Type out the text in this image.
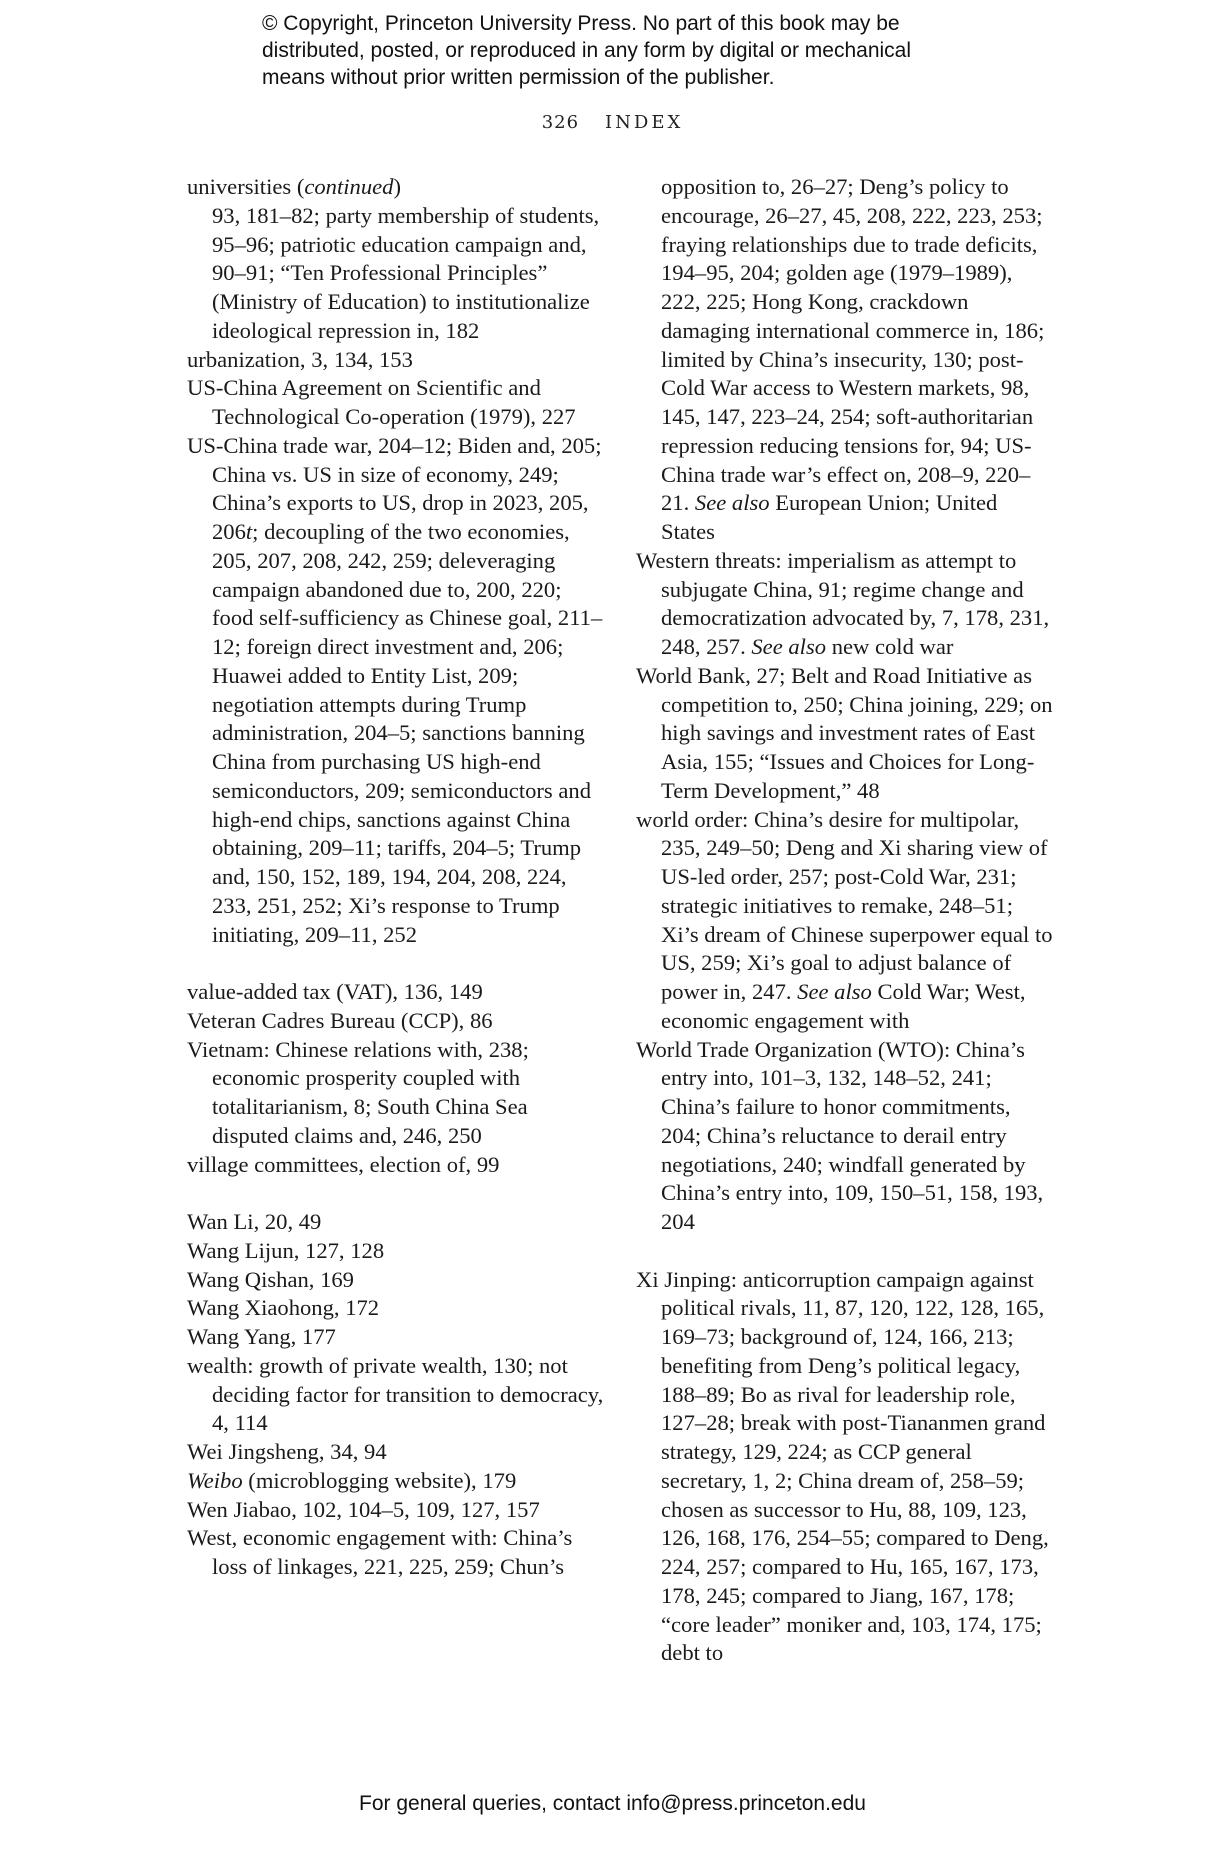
© Copyright, Princeton University Press. No part of this book may be
distributed, posted, or reproduced in any form by digital or mechanical
means without prior written permission of the publisher.
326 INDEX
universities (continued)
93, 181–82; party membership of students, 95–96; patriotic education campaign and, 90–91; “Ten Professional Principles” (Ministry of Education) to institutionalize ideological repression in, 182
urbanization, 3, 134, 153
US-China Agreement on Scientific and Technological Co-operation (1979), 227
US-China trade war, 204–12; Biden and, 205; China vs. US in size of economy, 249; China’s exports to US, drop in 2023, 205, 206t; decoupling of the two economies, 205, 207, 208, 242, 259; deleveraging campaign abandoned due to, 200, 220; food self-sufficiency as Chinese goal, 211–12; foreign direct investment and, 206; Huawei added to Entity List, 209; negotiation attempts during Trump administration, 204–5; sanctions banning China from purchasing US high-end semiconductors, 209; semiconductors and high-end chips, sanctions against China obtaining, 209–11; tariffs, 204–5; Trump and, 150, 152, 189, 194, 204, 208, 224, 233, 251, 252; Xi’s response to Trump initiating, 209–11, 252
value-added tax (VAT), 136, 149
Veteran Cadres Bureau (CCP), 86
Vietnam: Chinese relations with, 238; economic prosperity coupled with totalitarianism, 8; South China Sea disputed claims and, 246, 250
village committees, election of, 99
Wan Li, 20, 49
Wang Lijun, 127, 128
Wang Qishan, 169
Wang Xiaohong, 172
Wang Yang, 177
wealth: growth of private wealth, 130; not deciding factor for transition to democracy, 4, 114
Wei Jingsheng, 34, 94
Weibo (microblogging website), 179
Wen Jiabao, 102, 104–5, 109, 127, 157
West, economic engagement with: China’s loss of linkages, 221, 225, 259; Chun’s
opposition to, 26–27; Deng’s policy to encourage, 26–27, 45, 208, 222, 223, 253; fraying relationships due to trade deficits, 194–95, 204; golden age (1979–1989), 222, 225; Hong Kong, crackdown damaging international commerce in, 186; limited by China’s insecurity, 130; post-Cold War access to Western markets, 98, 145, 147, 223–24, 254; soft-authoritarian repression reducing tensions for, 94; US-China trade war’s effect on, 208–9, 220–21. See also European Union; United States
Western threats: imperialism as attempt to subjugate China, 91; regime change and democratization advocated by, 7, 178, 231, 248, 257. See also new cold war
World Bank, 27; Belt and Road Initiative as competition to, 250; China joining, 229; on high savings and investment rates of East Asia, 155; “Issues and Choices for Long-Term Development,” 48
world order: China’s desire for multipolar, 235, 249–50; Deng and Xi sharing view of US-led order, 257; post-Cold War, 231; strategic initiatives to remake, 248–51; Xi’s dream of Chinese superpower equal to US, 259; Xi’s goal to adjust balance of power in, 247. See also Cold War; West, economic engagement with
World Trade Organization (WTO): China’s entry into, 101–3, 132, 148–52, 241; China’s failure to honor commitments, 204; China’s reluctance to derail entry negotiations, 240; windfall generated by China’s entry into, 109, 150–51, 158, 193, 204
Xi Jinping: anticorruption campaign against political rivals, 11, 87, 120, 122, 128, 165, 169–73; background of, 124, 166, 213; benefiting from Deng’s political legacy, 188–89; Bo as rival for leadership role, 127–28; break with post-Tiananmen grand strategy, 129, 224; as CCP general secretary, 1, 2; China dream of, 258–59; chosen as successor to Hu, 88, 109, 123, 126, 168, 176, 254–55; compared to Deng, 224, 257; compared to Hu, 165, 167, 173, 178, 245; compared to Jiang, 167, 178; “core leader” moniker and, 103, 174, 175; debt to
For general queries, contact info@press.princeton.edu
